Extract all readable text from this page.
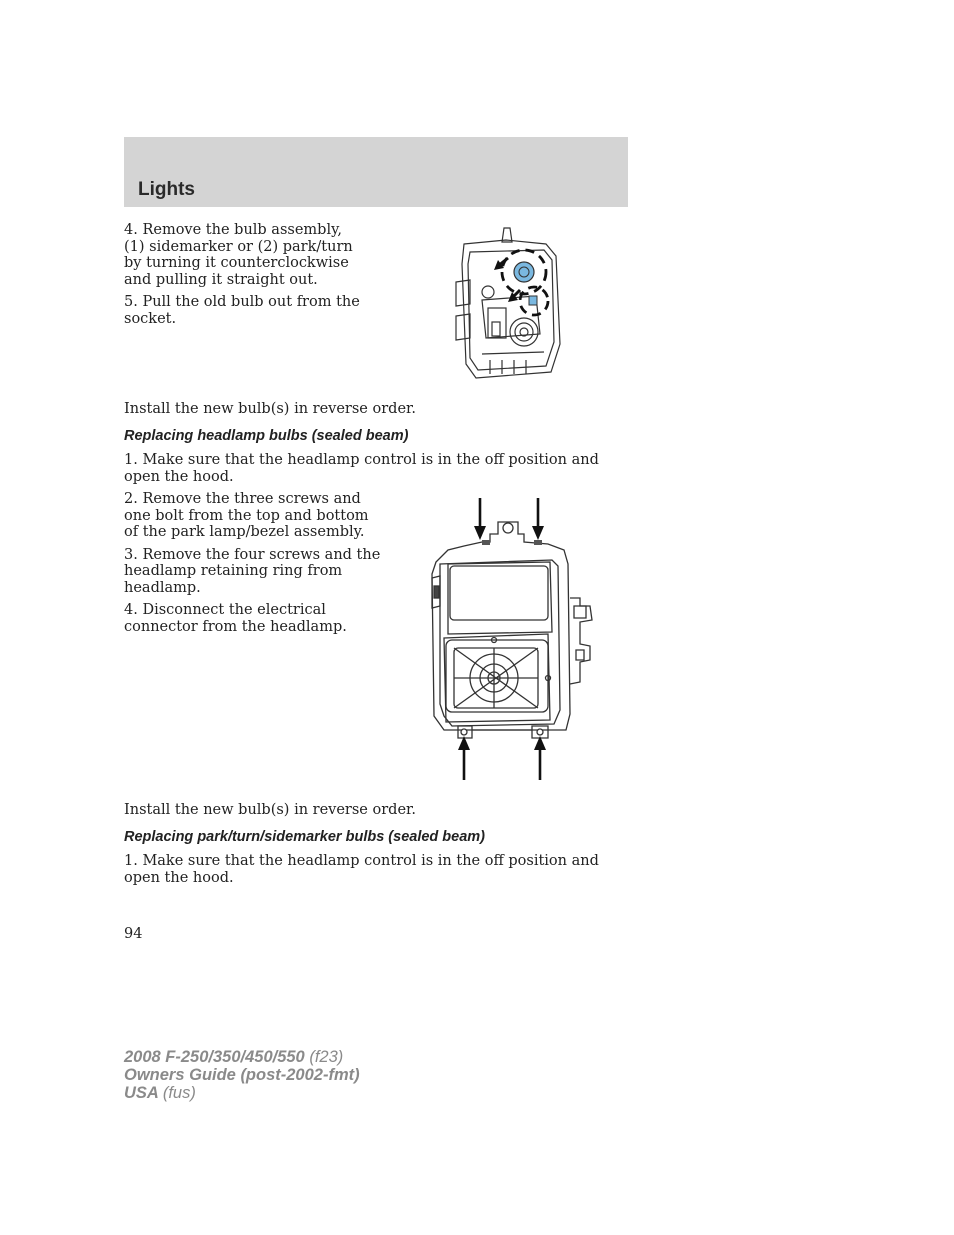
Lights

4. Remove the bulb assembly, (1) sidemarker or (2) park/turn by turning it counterclockwise and pulling it straight out.

5. Pull the old bulb out from the socket.

Install the new bulb(s) in reverse order.
Replacing headlamp bulbs (sealed beam)
1. Make sure that the headlamp control is in the off position and open the hood.

2. Remove the three screws and one bolt from the top and bottom of the park lamp/bezel assembly.

3. Remove the four screws and the headlamp retaining ring from headlamp.

4. Disconnect the electrical connector from the headlamp.

Install the new bulb(s) in reverse order.
Replacing park/turn/sidemarker bulbs (sealed beam)
1. Make sure that the headlamp control is in the off position and open the hood.
94
2008 F-250/350/450/550 (f23)
Owners Guide (post-2002-fmt)
USA (fus)
